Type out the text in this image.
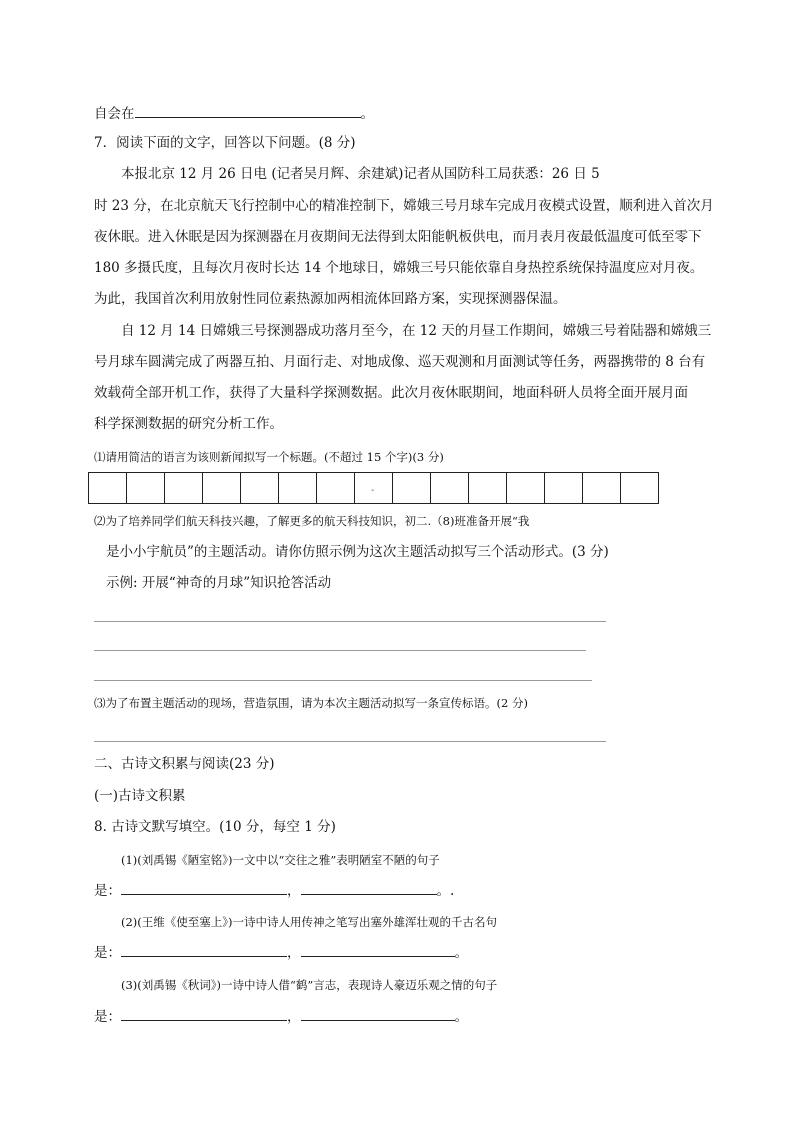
自会在	。
7．阅读下面的文字，回答以下问题。(8 分)
本报北京 12 月 26 日电 (记者吴月辉、余建斌)记者从国防科工局获悉：26 日 5
时 23 分，在北京航天飞行控制中心的精准控制下，嫦娥三号月球车完成月夜模式设置，顺利进入首次月
夜休眠。进入休眠是因为探测器在月夜期间无法得到太阳能帆板供电，而月表月夜最低温度可低至零下
180 多摄氏度，且每次月夜时长达 14 个地球日，嫦娥三号只能依靠自身热控系统保持温度应对月夜。
为此，我国首次利用放射性同位素热源加两相流体回路方案，实现探测器保温。
自 12 月 14 日嫦娥三号探测器成功落月至今，在 12 天的月昼工作期间，嫦娥三号着陆器和嫦娥三
号月球车圆满完成了两器互拍、月面行走、对地成像、巡天观测和月面测试等任务，两器携带的 8 台有
效载荷全部开机工作，获得了大量科学探测数据。此次月夜休眠期间，地面科研人员将全面开展月面
科学探测数据的研究分析工作。
⑴请用简洁的语言为该则新闻拟写一个标题。(不超过 15 个字)(3 分)
-
⑵为了培养同学们航天科技兴趣，了解更多的航天科技知识，初二.（8)班准备开展“我
是小小宇航员”的主题活动。请你仿照示例为这次主题活动拟写三个活动形式。(3 分)
示例: 开展“神奇的月球”知识抢答活动
⑶为了布置主题活动的现场，营造氛围，请为本次主题活动拟写一条宣传标语。(2 分)
二、古诗文积累与阅读(23 分)
(一)古诗文积累
8. 古诗文默写填空。(10 分，每空 1 分)
(1)(刘禹锡《陋室铭》)一文中以“交往之雅”表明陋室不陋的句子
是：	，	。.
(2)(王维《使至塞上》)一诗中诗人用传神之笔写出塞外雄浑壮观的千古名句
是：	，	。
(3)(刘禹锡《秋词》)一诗中诗人借“鹤”言志，表现诗人豪迈乐观之情的句子
是：	，	。
